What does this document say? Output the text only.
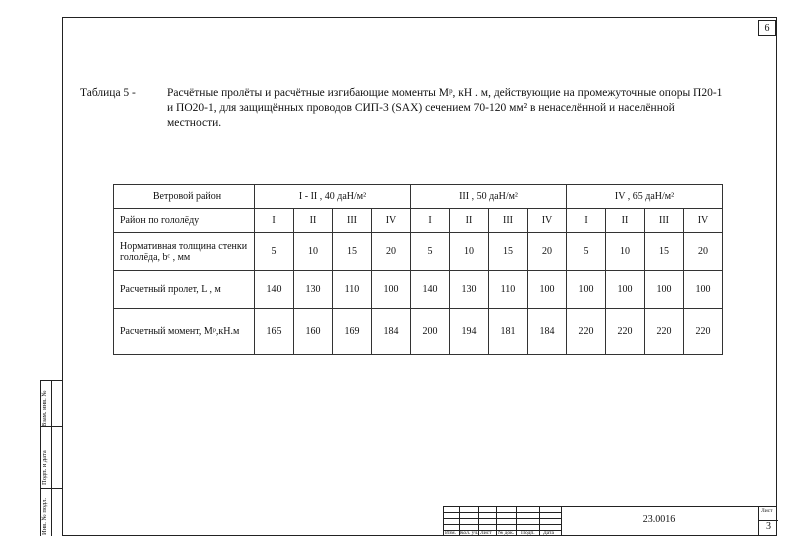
6
Таблица 5 -	Расчётные пролёты и расчётные изгибающие моменты Мᵖ, кН . м, действующие на промежуточные опоры П20-1 и ПО20-1, для защищённых проводов СИП-3 (SAX) сечением 70-120 мм² в ненаселённой и населённой местности.
Ветровой район	I - II , 40 даН/м²				III , 50 даН/м²				IV , 65 даН/м²			
Район по гололёду	I	II	III	IV	I	II	III	IV	I	II	III	IV
Нормативная толщина стенки гололёда, bᶜ , мм	5	10	15	20	5	10	15	20	5	10	15	20
Расчетный пролет, L , м	140	130	110	100	140	130	110	100	100	100	100	100
Расчетный момент, Мᵖ,кН.м	165	160	169	184	200	194	181	184	220	220	220	220
Взам. инв. №
Подп. и дата
Инв. № подл.	Изм. Кол. уч. Лист № док. Подп. Дата
23.0016
Лист
3
